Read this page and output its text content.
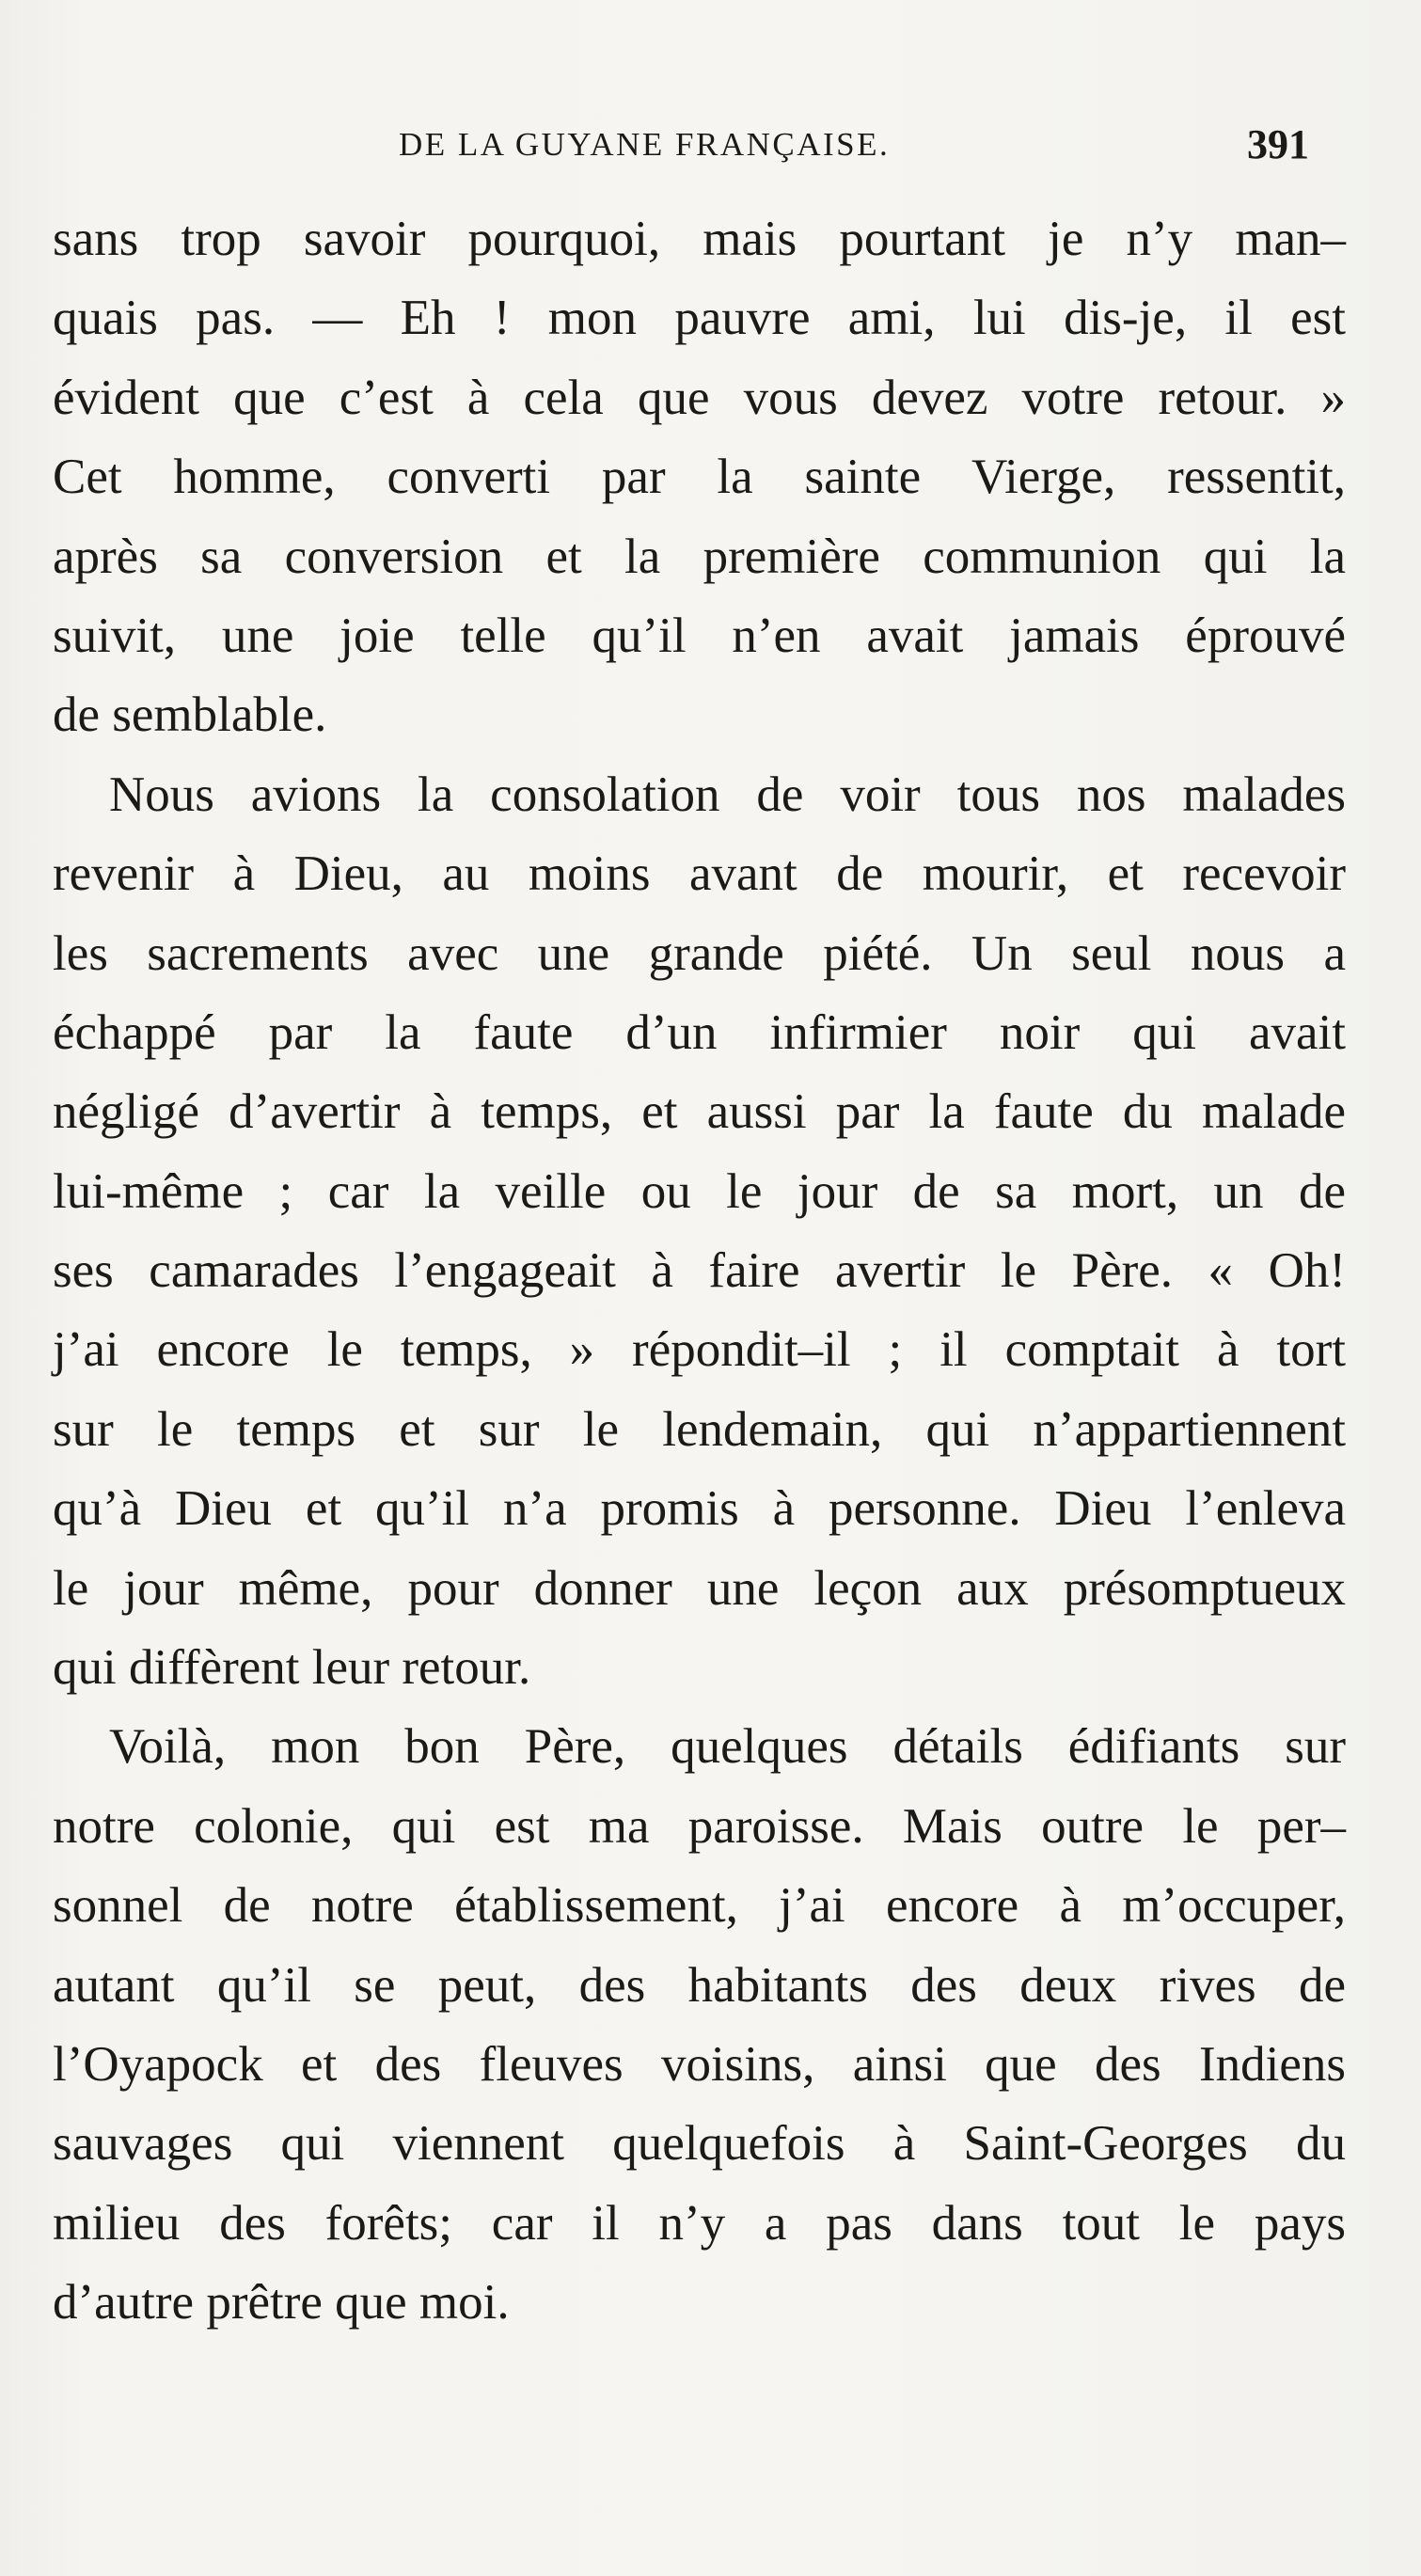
DE LA GUYANE FRANÇAISE.	391
sans trop savoir pourquoi, mais pourtant je n’y man–
quais pas. — Eh ! mon pauvre ami, lui dis-je, il est
évident que c’est à cela que vous devez votre retour. »
Cet homme, converti par la sainte Vierge, ressentit,
après sa conversion et la première communion qui la
suivit, une joie telle qu’il n’en avait jamais éprouvé
de semblable.
Nous avions la consolation de voir tous nos malades
revenir à Dieu, au moins avant de mourir, et recevoir
les sacrements avec une grande piété. Un seul nous a
échappé par la faute d’un infirmier noir qui avait
négligé d’avertir à temps, et aussi par la faute du malade
lui-même ; car la veille ou le jour de sa mort, un de
ses camarades l’engageait à faire avertir le Père. « Oh!
j’ai encore le temps, » répondit–il ; il comptait à tort
sur le temps et sur le lendemain, qui n’appartiennent
qu’à Dieu et qu’il n’a promis à personne. Dieu l’enleva
le jour même, pour donner une leçon aux présomptueux
qui diffèrent leur retour.
Voilà, mon bon Père, quelques détails édifiants sur
notre colonie, qui est ma paroisse. Mais outre le per–
sonnel de notre établissement, j’ai encore à m’occuper,
autant qu’il se peut, des habitants des deux rives de
l’Oyapock et des fleuves voisins, ainsi que des Indiens
sauvages qui viennent quelquefois à Saint-Georges du
milieu des forêts; car il n’y a pas dans tout le pays
d’autre prêtre que moi.
